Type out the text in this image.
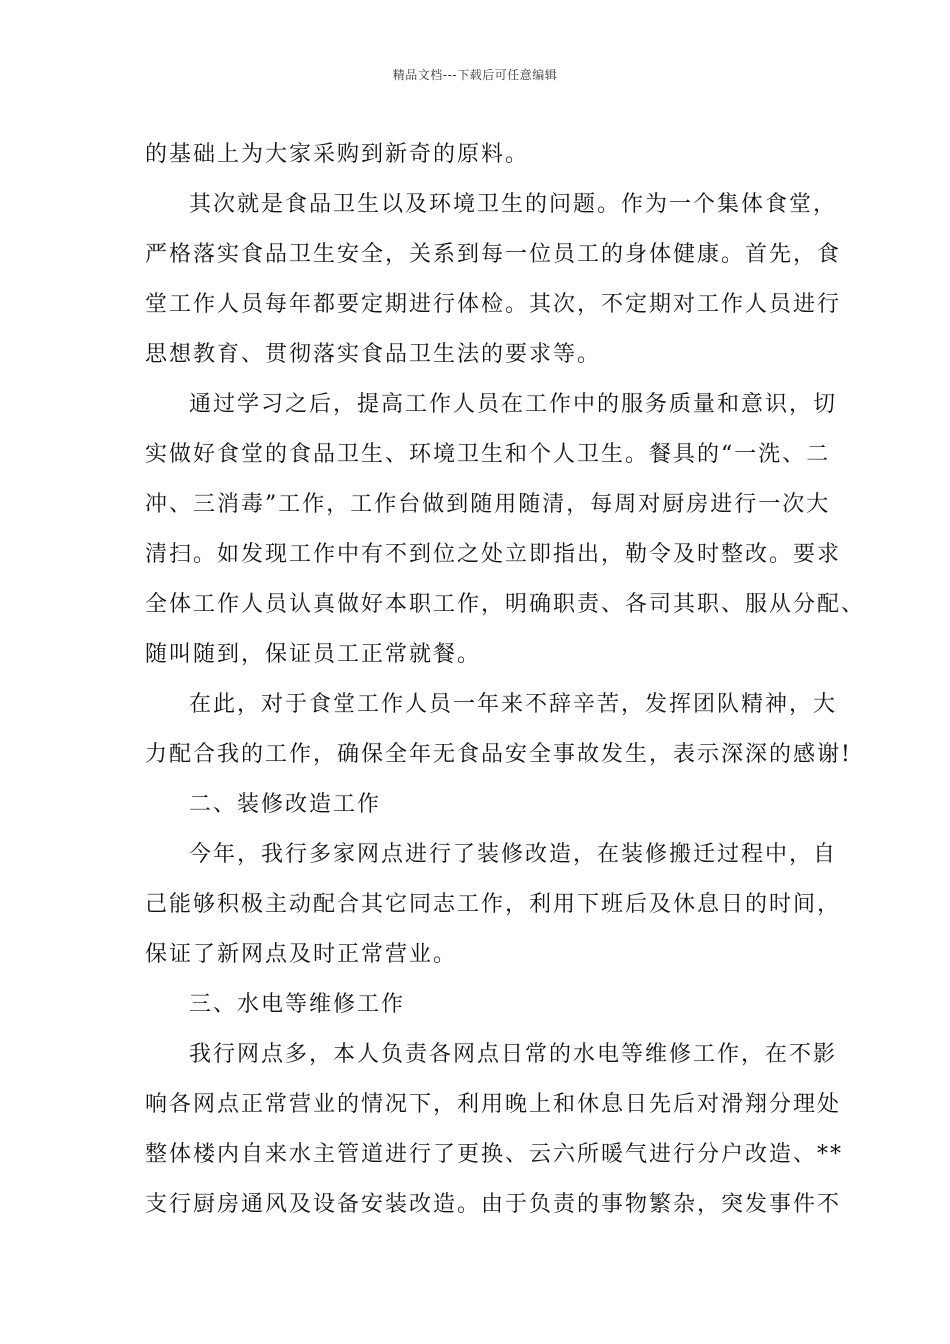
精品文档---下载后可任意编辑
的基础上为大家采购到新奇的原料。
其次就是食品卫生以及环境卫生的问题。作为一个集体食堂，
严格落实食品卫生安全，关系到每一位员工的身体健康。首先，食
堂工作人员每年都要定期进行体检。其次，不定期对工作人员进行
思想教育、贯彻落实食品卫生法的要求等。
通过学习之后，提高工作人员在工作中的服务质量和意识，切
实做好食堂的食品卫生、环境卫生和个人卫生。餐具的“一洗、二
冲、三消毒”工作，工作台做到随用随清，每周对厨房进行一次大
清扫。如发现工作中有不到位之处立即指出，勒令及时整改。要求
全体工作人员认真做好本职工作，明确职责、各司其职、服从分配、
随叫随到，保证员工正常就餐。
在此，对于食堂工作人员一年来不辞辛苦，发挥团队精神，大
力配合我的工作，确保全年无食品安全事故发生，表示深深的感谢!
二、装修改造工作
今年，我行多家网点进行了装修改造，在装修搬迁过程中，自
己能够积极主动配合其它同志工作，利用下班后及休息日的时间，
保证了新网点及时正常营业。
三、水电等维修工作
我行网点多，本人负责各网点日常的水电等维修工作，在不影
响各网点正常营业的情况下，利用晚上和休息日先后对滑翔分理处
整体楼内自来水主管道进行了更换、云六所暖气进行分户改造、**
支行厨房通风及设备安装改造。由于负责的事物繁杂，突发事件不
